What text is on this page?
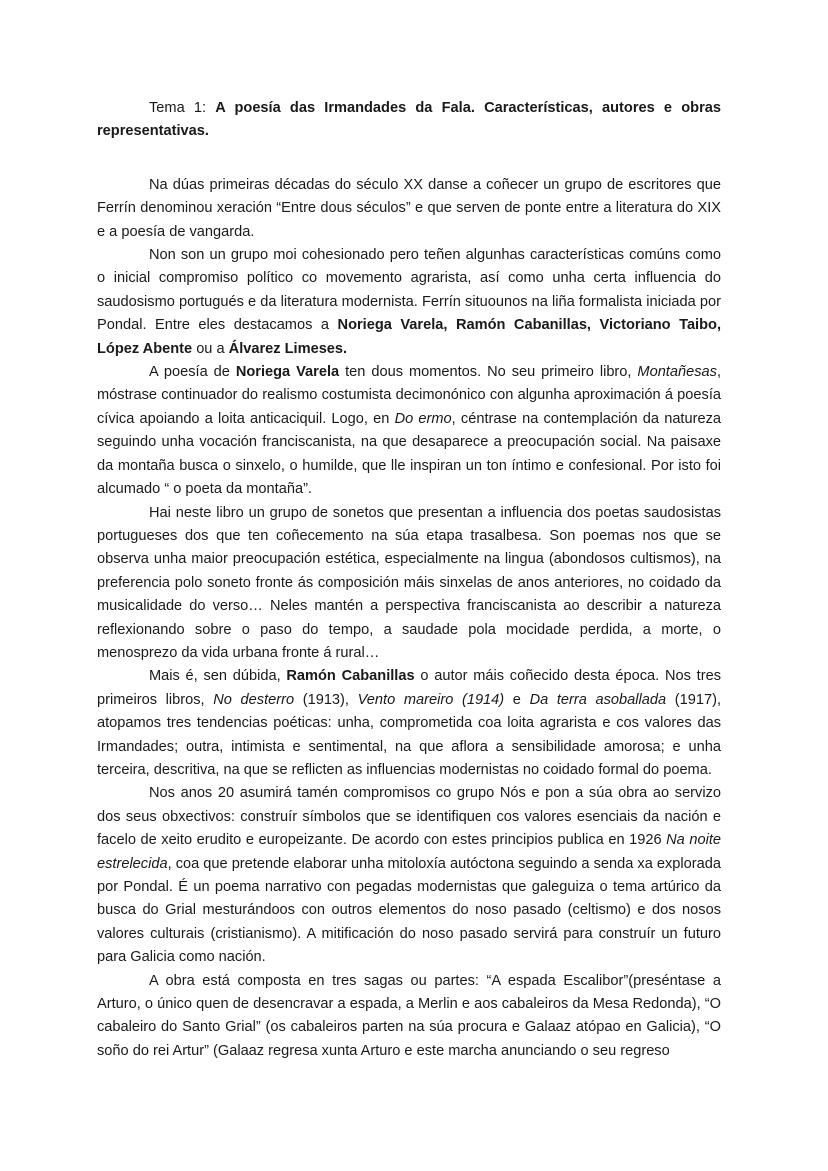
Tema 1: A poesía das Irmandades da Fala. Características, autores e obras representativas.

Na dúas primeiras décadas do século XX danse a coñecer un grupo de escritores que Ferrín denominou xeración “Entre dous séculos” e que serven de ponte entre a literatura do XIX e a poesía de vangarda.

Non son un grupo moi cohesionado pero teñen algunhas características comúns como o inicial compromiso político co movemento agrarista, así como unha certa influencia do saudosismo portugués e da literatura modernista. Ferrín situounos na liña formalista iniciada por Pondal. Entre eles destacamos a Noriega Varela, Ramón Cabanillas, Victoriano Taibo, López Abente ou a Álvarez Limeses.

A poesía de Noriega Varela ten dous momentos. No seu primeiro libro, Montañesas, móstrase continuador do realismo costumista decimonónico con algunha aproximación á poesía cívica apoiando a loita anticaciquil. Logo, en Do ermo, céntrase na contemplación da natureza seguindo unha vocación franciscanista, na que desaparece a preocupación social. Na paisaxe da montaña busca o sinxelo, o humilde, que lle inspiran un ton íntimo e confesional. Por isto foi alcumado “ o poeta da montaña”.

Hai neste libro un grupo de sonetos que presentan a influencia dos poetas saudosistas portugueses dos que ten coñecemento na súa etapa trasalbesa. Son poemas nos que se observa unha maior preocupación estética, especialmente na lingua (abondosos cultismos), na preferencia polo soneto fronte ás composición máis sinxelas de anos anteriores, no coidado da musicalidade do verso… Neles mantén a perspectiva franciscanista ao describir a natureza reflexionando sobre o paso do tempo, a saudade pola mocidade perdida, a morte, o menosprezo da vida urbana fronte á rural…

Mais é, sen dúbida, Ramón Cabanillas o autor máis coñecido desta época. Nos tres primeiros libros, No desterro (1913), Vento mareiro (1914) e Da terra asoballada (1917), atopamos tres tendencias poéticas: unha, comprometida coa loita agrarista e cos valores das Irmandades; outra, intimista e sentimental, na que aflora a sensibilidade amorosa; e unha terceira, descritiva, na que se reflicten as influencias modernistas no coidado formal do poema.

Nos anos 20 asumirá tamén compromisos co grupo Nós e pon a súa obra ao servizo dos seus obxectivos: construír símbolos que se identifiquen cos valores esenciais da nación e facelo de xeito erudito e europeizante. De acordo con estes principios publica en 1926 Na noite estrelecida, coa que pretende elaborar unha mitoloxía autóctona seguindo a senda xa explorada por Pondal. É un poema narrativo con pegadas modernistas que galeguiza o tema artúrico da busca do Grial mesturándoos con outros elementos do noso pasado (celtismo) e dos nosos valores culturais (cristianismo). A mitificación do noso pasado servirá para construír un futuro para Galicia como nación.

A obra está composta en tres sagas ou partes: “A espada Escalibor”(preséntase a Arturo, o único quen de desencravar a espada, a Merlin e aos cabaleiros da Mesa Redonda), “O cabaleiro do Santo Grial” (os cabaleiros parten na súa procura e Galaaz atópao en Galicia), “O soño do rei Artur” (Galaaz regresa xunta Arturo e este marcha anunciando o seu regreso
